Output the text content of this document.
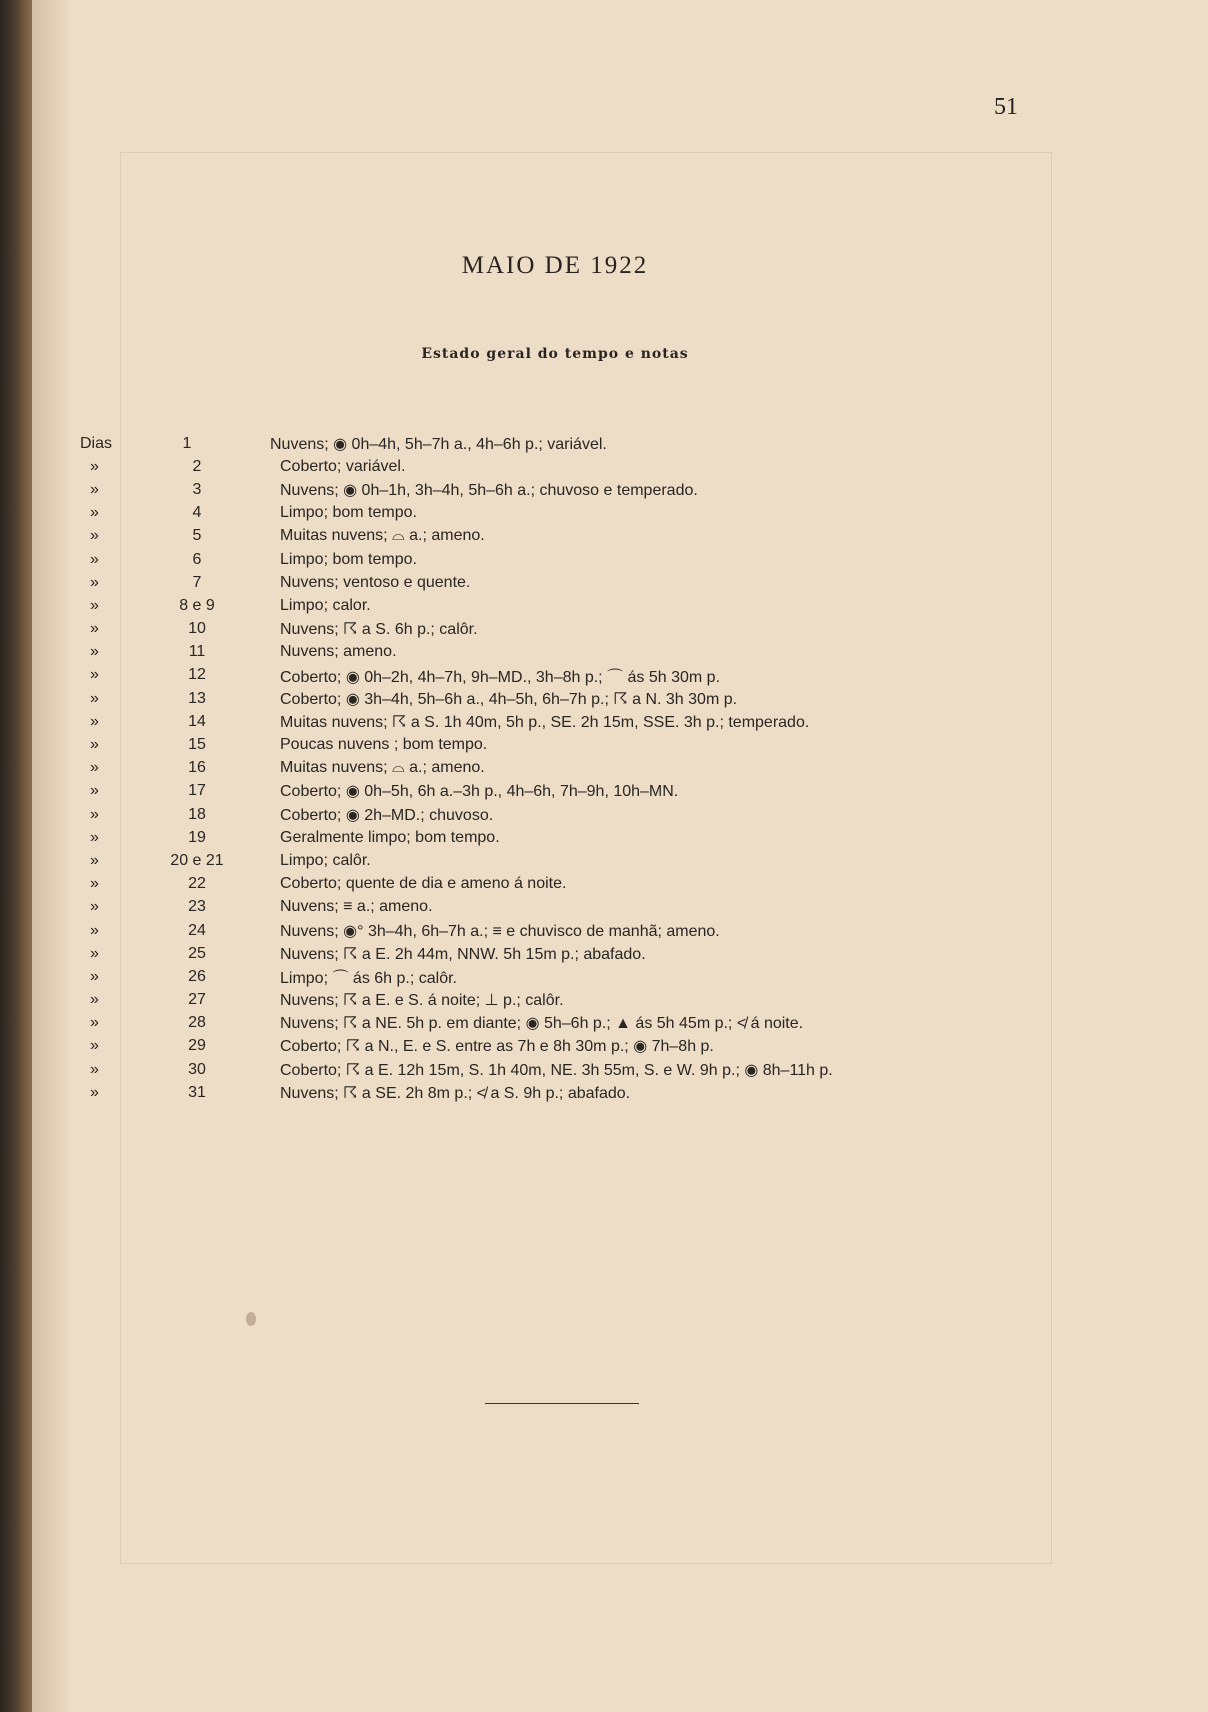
51
MAIO DE 1922
Estado geral do tempo e notas
Dias	1	Nuvens; ◉ 0h–4h, 5h–7h a., 4h–6h p.; variável.
»	2	Coberto; variável.
»	3	Nuvens; ◉ 0h–1h, 3h–4h, 5h–6h a.; chuvoso e temperado.
»	4	Limpo; bom tempo.
»	5	Muitas nuvens; ⌓ a.; ameno.
»	6	Limpo; bom tempo.
»	7	Nuvens; ventoso e quente.
»	8 e 9	Limpo; calor.
»	10	Nuvens; ☈ a S. 6h p.; calôr.
»	11	Nuvens; ameno.
»	12	Coberto; ◉ 0h–2h, 4h–7h, 9h–MD., 3h–8h p.; ⌒ ás 5h 30m p.
»	13	Coberto; ◉ 3h–4h, 5h–6h a., 4h–5h, 6h–7h p.; ☈ a N. 3h 30m p.
»	14	Muitas nuvens; ☈ a S. 1h 40m, 5h p., SE. 2h 15m, SSE. 3h p.; temperado.
»	15	Poucas nuvens ; bom tempo.
»	16	Muitas nuvens; ⌓ a.; ameno.
»	17	Coberto; ◉ 0h–5h, 6h a.–3h p., 4h–6h, 7h–9h, 10h–MN.
»	18	Coberto; ◉ 2h–MD.; chuvoso.
»	19	Geralmente limpo; bom tempo.
»	20 e 21	Limpo; calôr.
»	22	Coberto; quente de dia e ameno á noite.
»	23	Nuvens; ≡ a.; ameno.
»	24	Nuvens; ◉° 3h–4h, 6h–7h a.; ≡ e chuvisco de manhã; ameno.
»	25	Nuvens; ☈ a E. 2h 44m, NNW. 5h 15m p.; abafado.
»	26	Limpo; ⌒ ás 6h p.; calôr.
»	27	Nuvens; ☈ a E. e S. á noite; ⊥ p.; calôr.
»	28	Nuvens; ☈ a NE. 5h p. em diante; ◉ 5h–6h p.; ▲ ás 5h 45m p.; ≮ á noite.
»	29	Coberto; ☈ a N., E. e S. entre as 7h e 8h 30m p.; ◉ 7h–8h p.
»	30	Coberto; ☈ a E. 12h 15m, S. 1h 40m, NE. 3h 55m, S. e W. 9h p.; ◉ 8h–11h p.
»	31	Nuvens; ☈ a SE. 2h 8m p.; ≮ a S. 9h p.; abafado.
